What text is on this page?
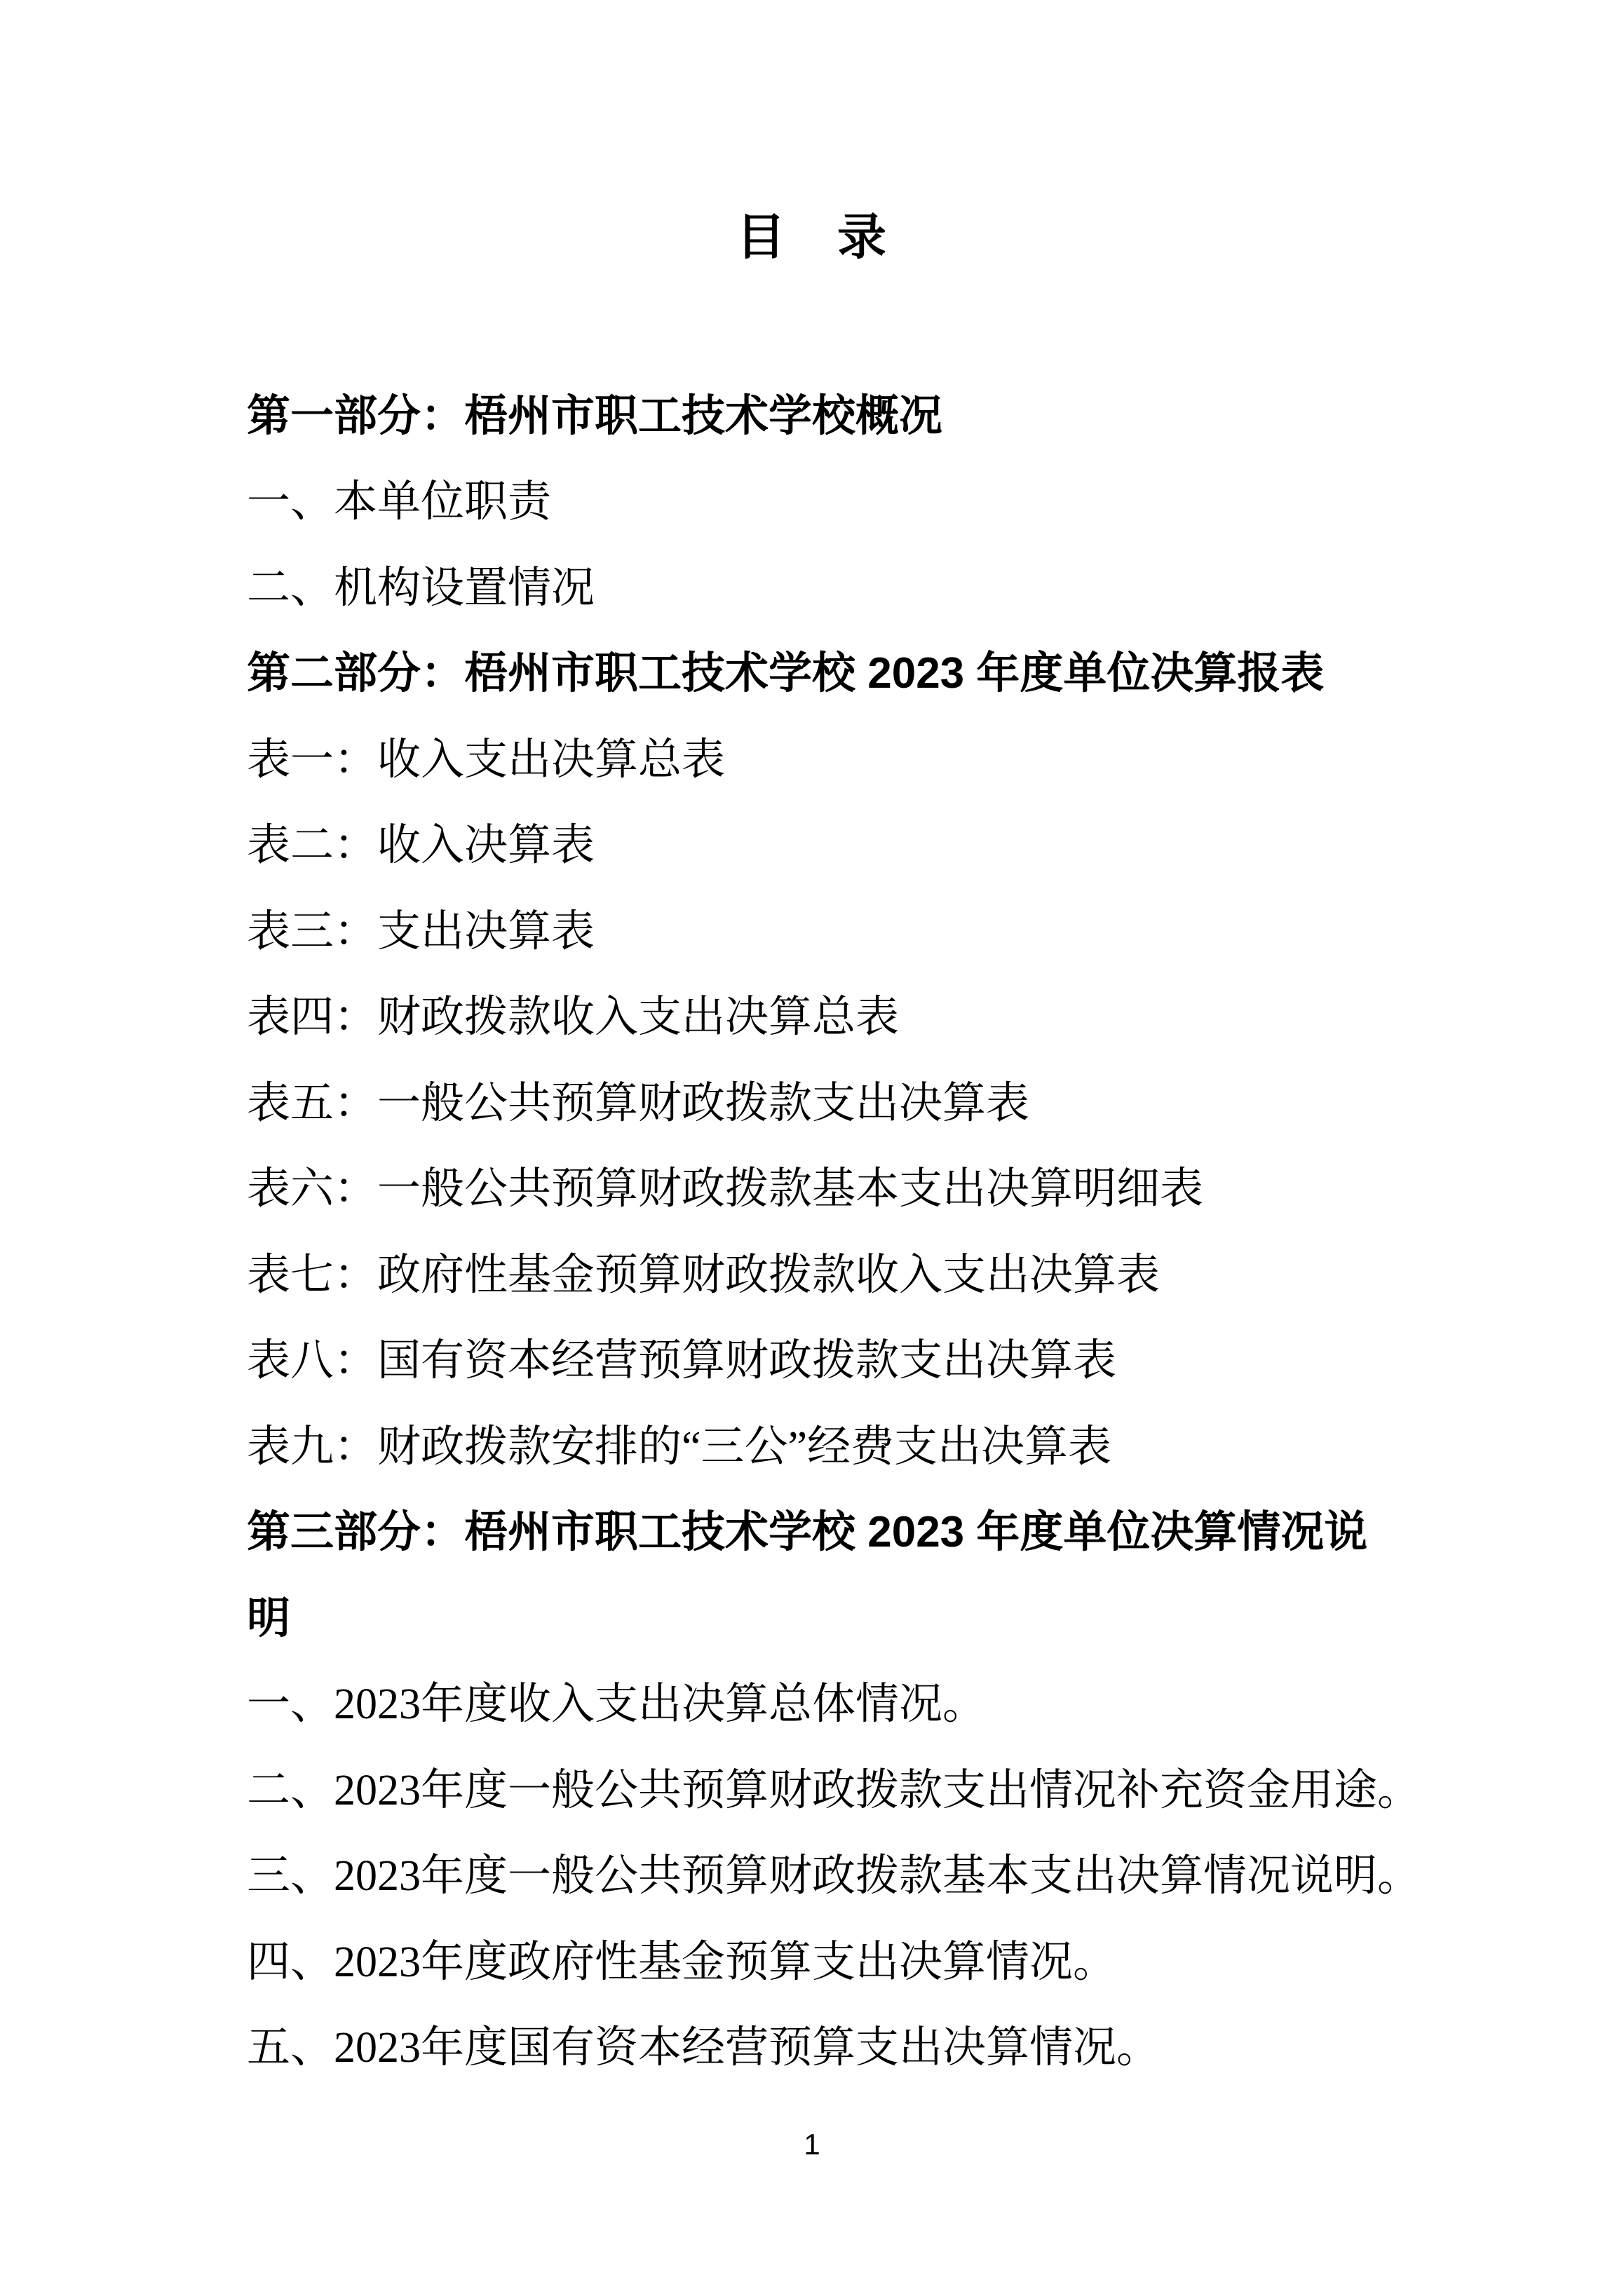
目　录
第一部分：梧州市职工技术学校概况
一、本单位职责
二、机构设置情况
第二部分：梧州市职工技术学校 2023 年度单位决算报表
表一：收入支出决算总表
表二：收入决算表
表三：支出决算表
表四：财政拨款收入支出决算总表
表五：一般公共预算财政拨款支出决算表
表六：一般公共预算财政拨款基本支出决算明细表
表七：政府性基金预算财政拨款收入支出决算表
表八：国有资本经营预算财政拨款支出决算表
表九：财政拨款安排的“三公”经费支出决算表
第三部分：梧州市职工技术学校 2023 年度单位决算情况说
明
一、2023年度收入支出决算总体情况。
二、2023年度一般公共预算财政拨款支出情况补充资金用途。
三、2023年度一般公共预算财政拨款基本支出决算情况说明。
四、2023年度政府性基金预算支出决算情况。
五、2023年度国有资本经营预算支出决算情况。
1
